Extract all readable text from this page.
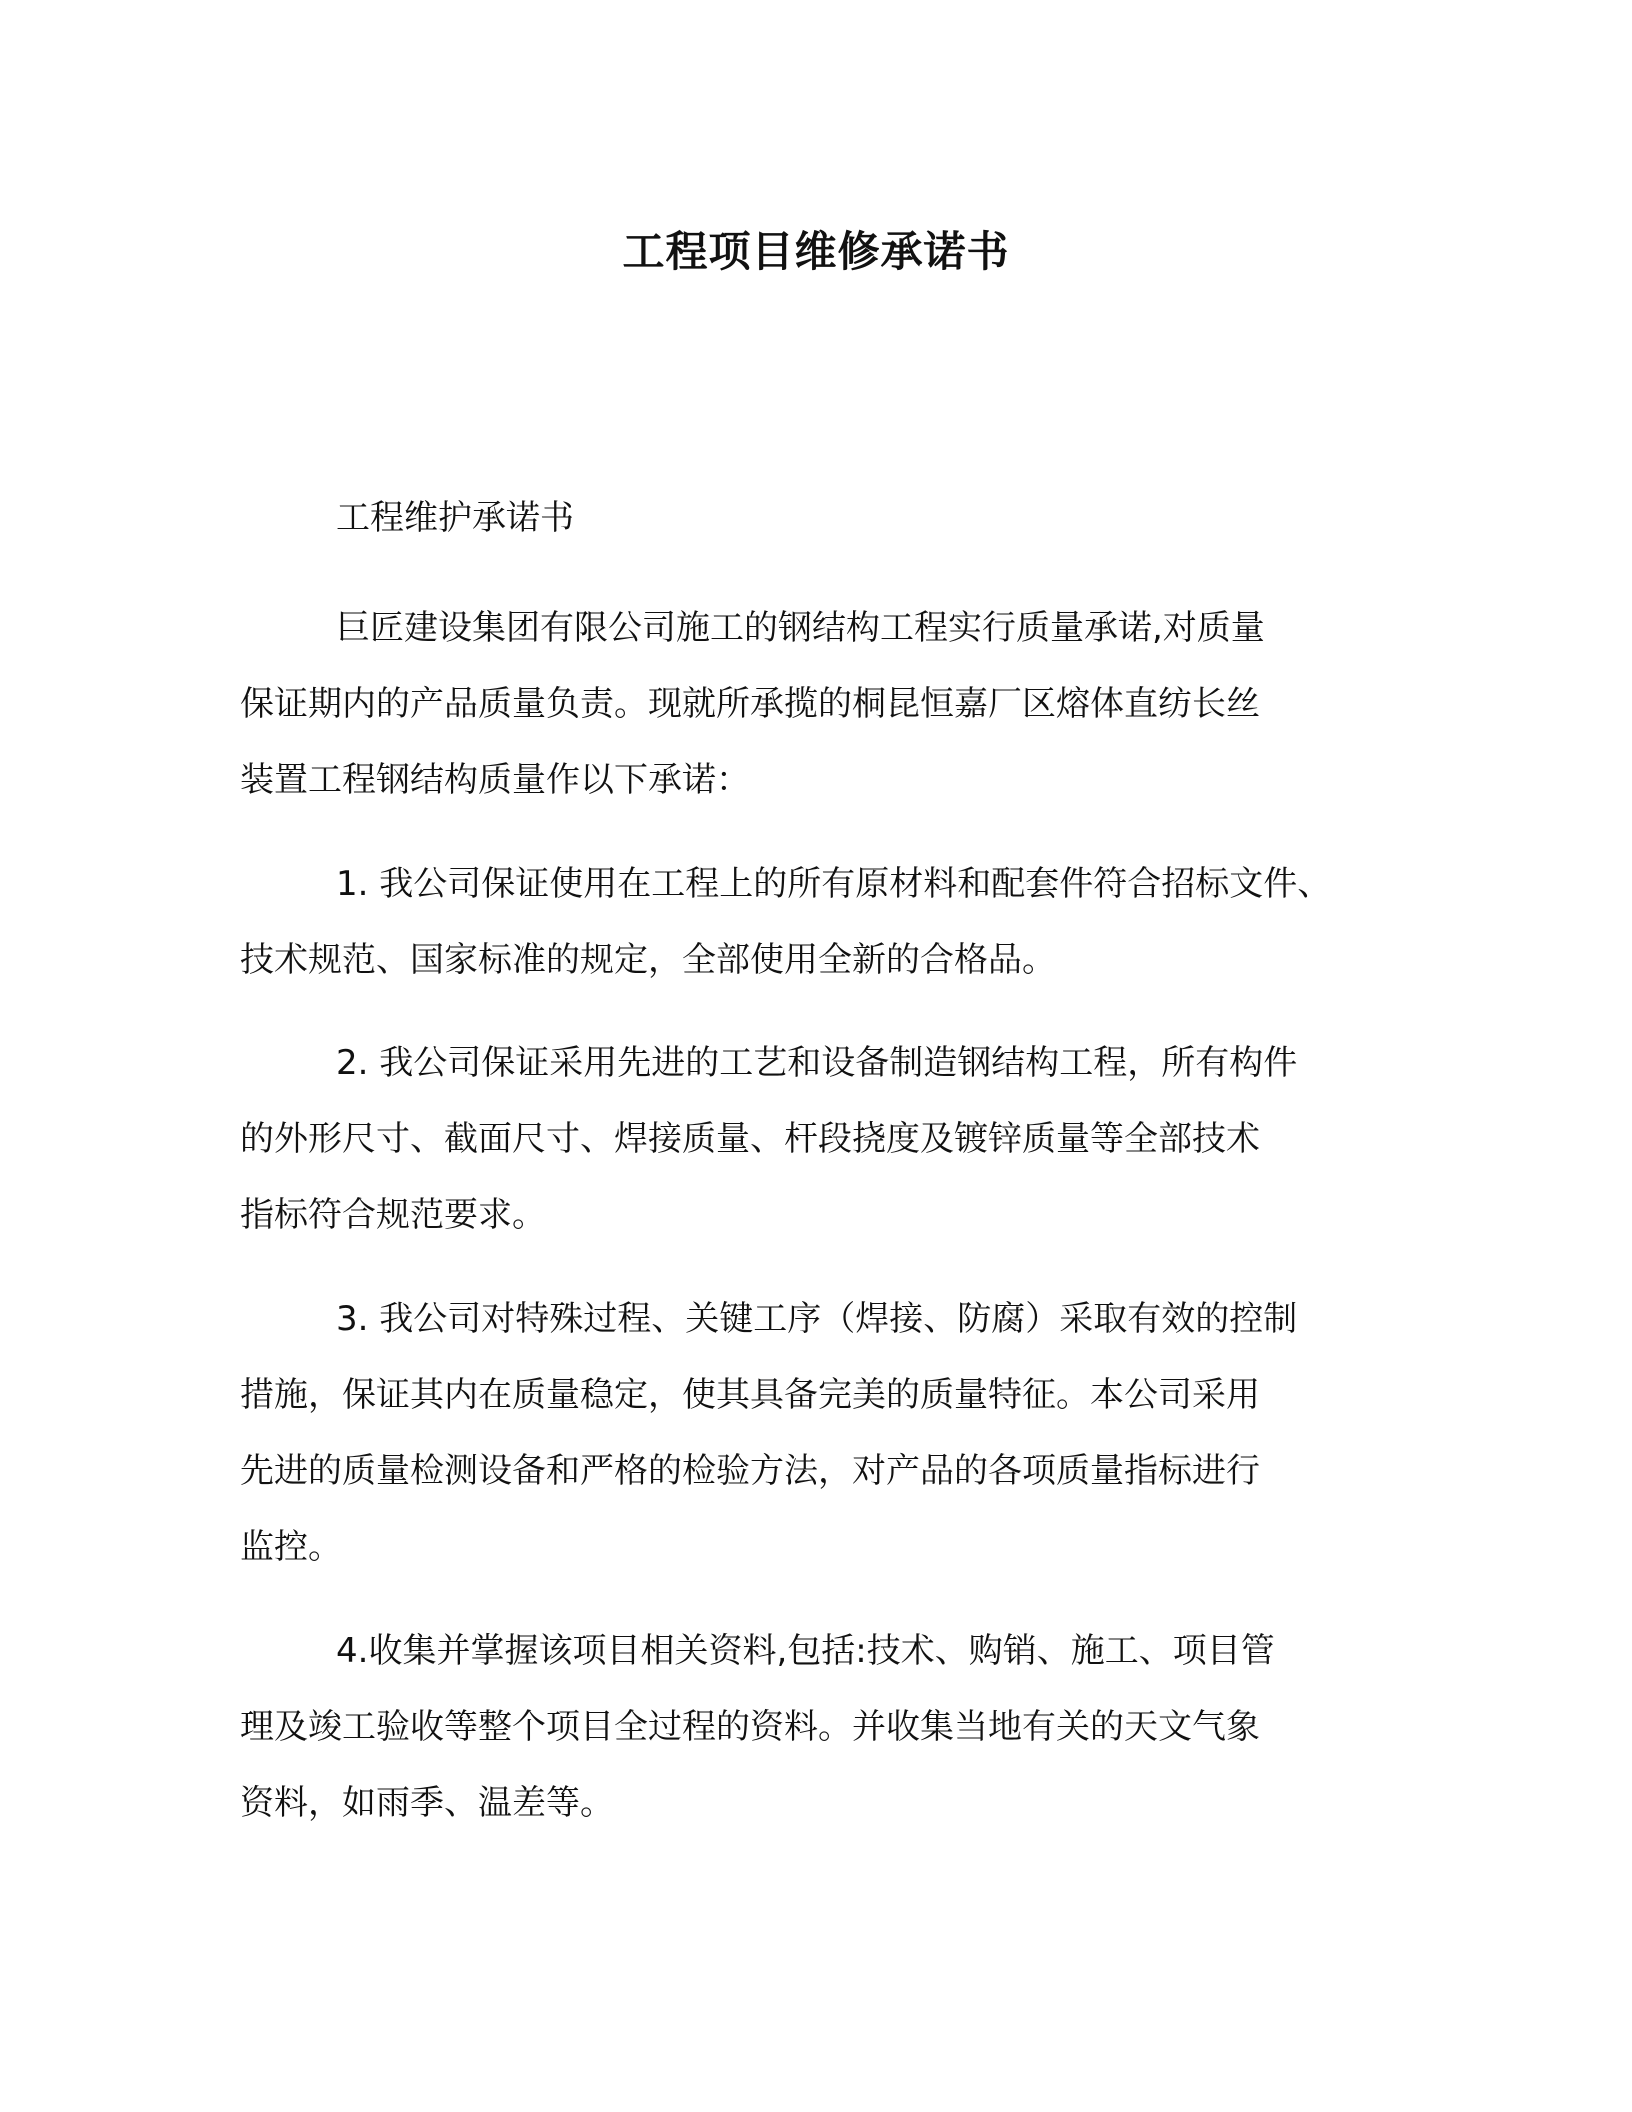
工程项目维修承诺书
工程维护承诺书
巨匠建设集团有限公司施工的钢结构工程实行质量承诺,对质量
保证期内的产品质量负责。现就所承揽的桐昆恒嘉厂区熔体直纺长丝
装置工程钢结构质量作以下承诺：
1. 我公司保证使用在工程上的所有原材料和配套件符合招标文件、
技术规范、国家标准的规定，全部使用全新的合格品。
2. 我公司保证采用先进的工艺和设备制造钢结构工程，所有构件
的外形尺寸、截面尺寸、焊接质量、杆段挠度及镀锌质量等全部技术
指标符合规范要求。
3. 我公司对特殊过程、关键工序（焊接、防腐）采取有效的控制
措施，保证其内在质量稳定，使其具备完美的质量特征。本公司采用
先进的质量检测设备和严格的检验方法，对产品的各项质量指标进行
监控。
4.收集并掌握该项目相关资料,包括:技术、购销、施工、项目管
理及竣工验收等整个项目全过程的资料。并收集当地有关的天文气象
资料，如雨季、温差等。
